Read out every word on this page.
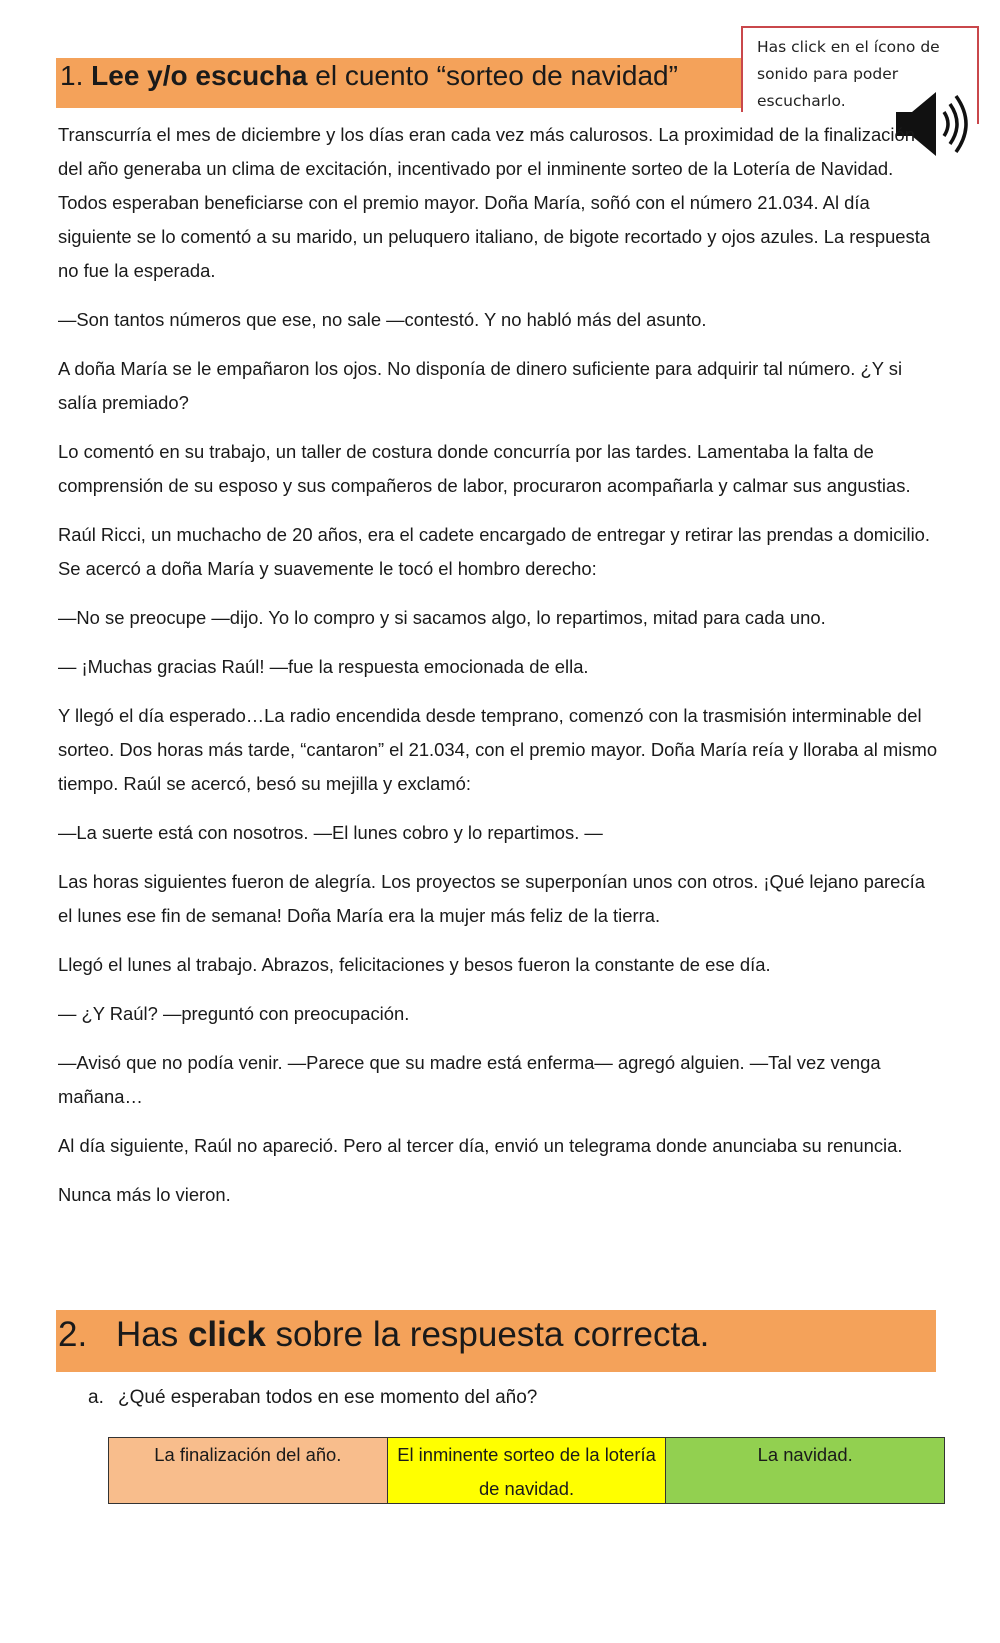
1. Lee y/o escucha el cuento “sorteo de navidad”
Has click en el ícono de
sonido para poder
escucharlo.

Transcurría el mes de diciembre y los días eran cada vez más calurosos. La proximidad de la finalización del año generaba un clima de excitación, incentivado por el inminente sorteo de la Lotería de Navidad. Todos esperaban beneficiarse con el premio mayor. Doña María, soñó con el número 21.034. Al día siguiente se lo comentó a su marido, un peluquero italiano, de bigote recortado y ojos azules. La respuesta no fue la esperada.

—Son tantos números que ese, no sale —contestó. Y no habló más del asunto.

A doña María se le empañaron los ojos. No disponía de dinero suficiente para adquirir tal número. ¿Y si salía premiado?

Lo comentó en su trabajo, un taller de costura donde concurría por las tardes. Lamentaba la falta de comprensión de su esposo y sus compañeros de labor, procuraron acompañarla y calmar sus angustias.

Raúl Ricci, un muchacho de 20 años, era el cadete encargado de entregar y retirar las prendas a domicilio. Se acercó a doña María y suavemente le tocó el hombro derecho:

—No se preocupe —dijo. Yo lo compro y si sacamos algo, lo repartimos, mitad para cada uno.

— ¡Muchas gracias Raúl! —fue la respuesta emocionada de ella.

Y llegó el día esperado…La radio encendida desde temprano, comenzó con la trasmisión interminable del sorteo. Dos horas más tarde, “cantaron” el 21.034, con el premio mayor. Doña María reía y lloraba al mismo tiempo. Raúl se acercó, besó su mejilla y exclamó:

—La suerte está con nosotros. —El lunes cobro y lo repartimos. —

Las horas siguientes fueron de alegría. Los proyectos se superponían unos con otros. ¡Qué lejano parecía el lunes ese fin de semana! Doña María era la mujer más feliz de la tierra.

Llegó el lunes al trabajo. Abrazos, felicitaciones y besos fueron la constante de ese día.

— ¿Y Raúl? —preguntó con preocupación.

—Avisó que no podía venir. —Parece que su madre está enferma— agregó alguien. —Tal vez venga mañana…

Al día siguiente, Raúl no apareció. Pero al tercer día, envió un telegrama donde anunciaba su renuncia.

Nunca más lo vieron.

2. Has click sobre la respuesta correcta.
a. ¿Qué esperaban todos en ese momento del año?
La finalización del año.	El inminente sorteo de la lotería de navidad.
La navidad.
